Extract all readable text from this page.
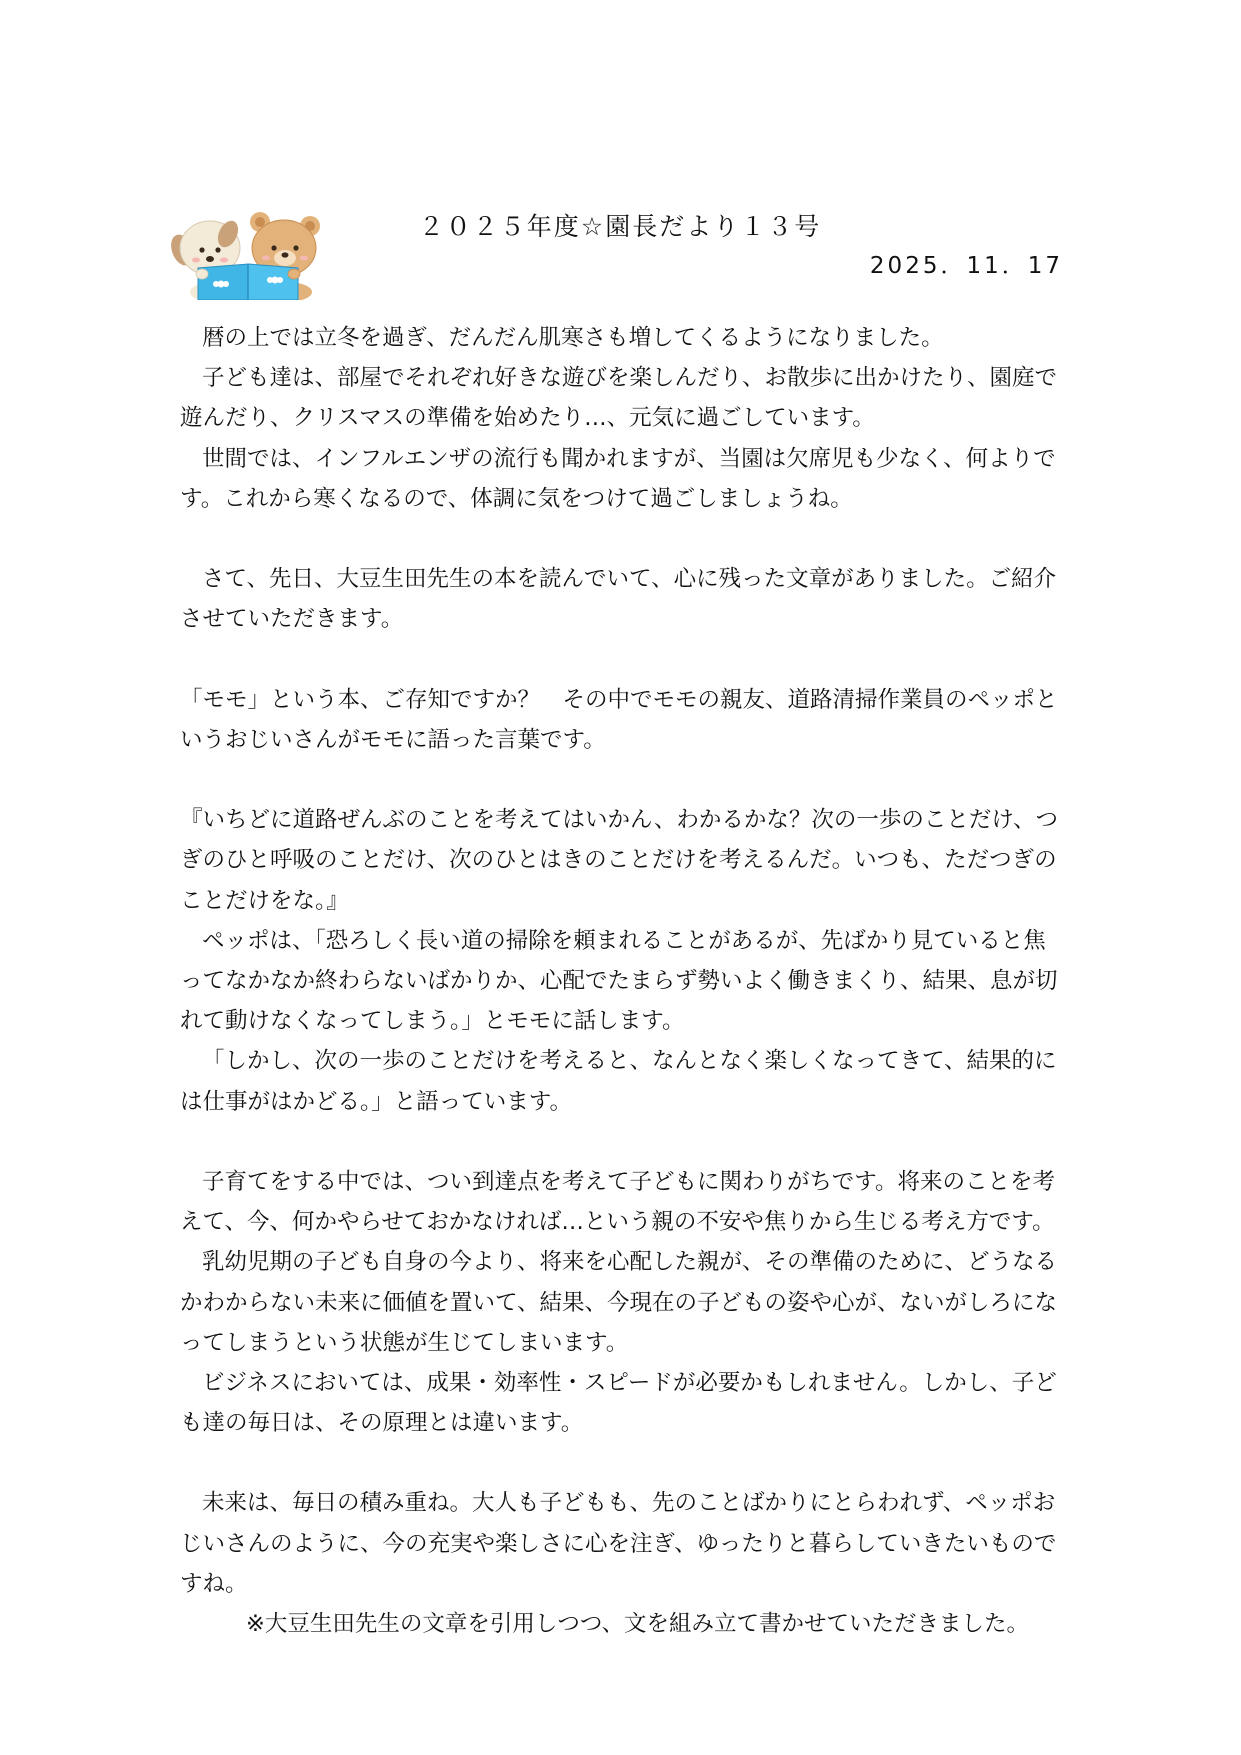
２０２５年度☆園長だより１３号
2025．11．17
暦の上では立冬を過ぎ、だんだん肌寒さも増してくるようになりました。
子ども達は、部屋でそれぞれ好きな遊びを楽しんだり、お散歩に出かけたり、園庭で
遊んだり、クリスマスの準備を始めたり…、元気に過ごしています。
世間では、インフルエンザの流行も聞かれますが、当園は欠席児も少なく、何よりで
す。これから寒くなるので、体調に気をつけて過ごしましょうね。
さて、先日、大豆生田先生の本を読んでいて、心に残った文章がありました。ご紹介
させていただきます。
「モモ」という本、ご存知ですか？　その中でモモの親友、道路清掃作業員のペッポと
いうおじいさんがモモに語った言葉です。
『いちどに道路ぜんぶのことを考えてはいかん、わかるかな？次の一歩のことだけ、つ
ぎのひと呼吸のことだけ、次のひとはきのことだけを考えるんだ。いつも、ただつぎの
ことだけをな。』
ペッポは、「恐ろしく長い道の掃除を頼まれることがあるが、先ばかり見ていると焦
ってなかなか終わらないばかりか、心配でたまらず勢いよく働きまくり、結果、息が切
れて動けなくなってしまう。」とモモに話します。
「しかし、次の一歩のことだけを考えると、なんとなく楽しくなってきて、結果的に
は仕事がはかどる。」と語っています。
子育てをする中では、つい到達点を考えて子どもに関わりがちです。将来のことを考
えて、今、何かやらせておかなければ…という親の不安や焦りから生じる考え方です。
乳幼児期の子ども自身の今より、将来を心配した親が、その準備のために、どうなる
かわからない未来に価値を置いて、結果、今現在の子どもの姿や心が、ないがしろにな
ってしまうという状態が生じてしまいます。
ビジネスにおいては、成果・効率性・スピードが必要かもしれません。しかし、子ど
も達の毎日は、その原理とは違います。
未来は、毎日の積み重ね。大人も子どもも、先のことばかりにとらわれず、ペッポお
じいさんのように、今の充実や楽しさに心を注ぎ、ゆったりと暮らしていきたいもので
すね。
※大豆生田先生の文章を引用しつつ、文を組み立て書かせていただきました。
